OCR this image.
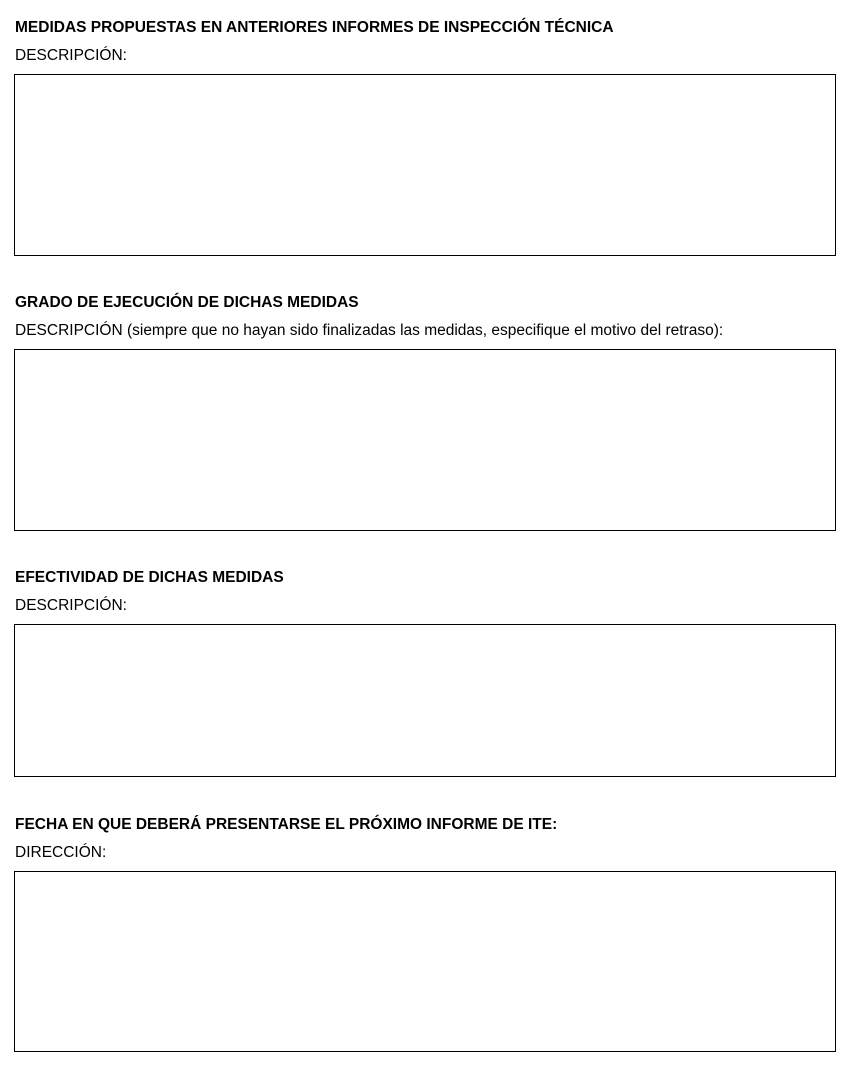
MEDIDAS PROPUESTAS EN ANTERIORES INFORMES DE INSPECCIÓN TÉCNICA
DESCRIPCIÓN:
GRADO DE EJECUCIÓN DE DICHAS MEDIDAS
DESCRIPCIÓN (siempre que no hayan sido finalizadas las medidas, especifique el motivo del retraso):
EFECTIVIDAD DE DICHAS MEDIDAS
DESCRIPCIÓN:
FECHA EN QUE DEBERÁ PRESENTARSE EL PRÓXIMO INFORME DE ITE:
DIRECCIÓN:
